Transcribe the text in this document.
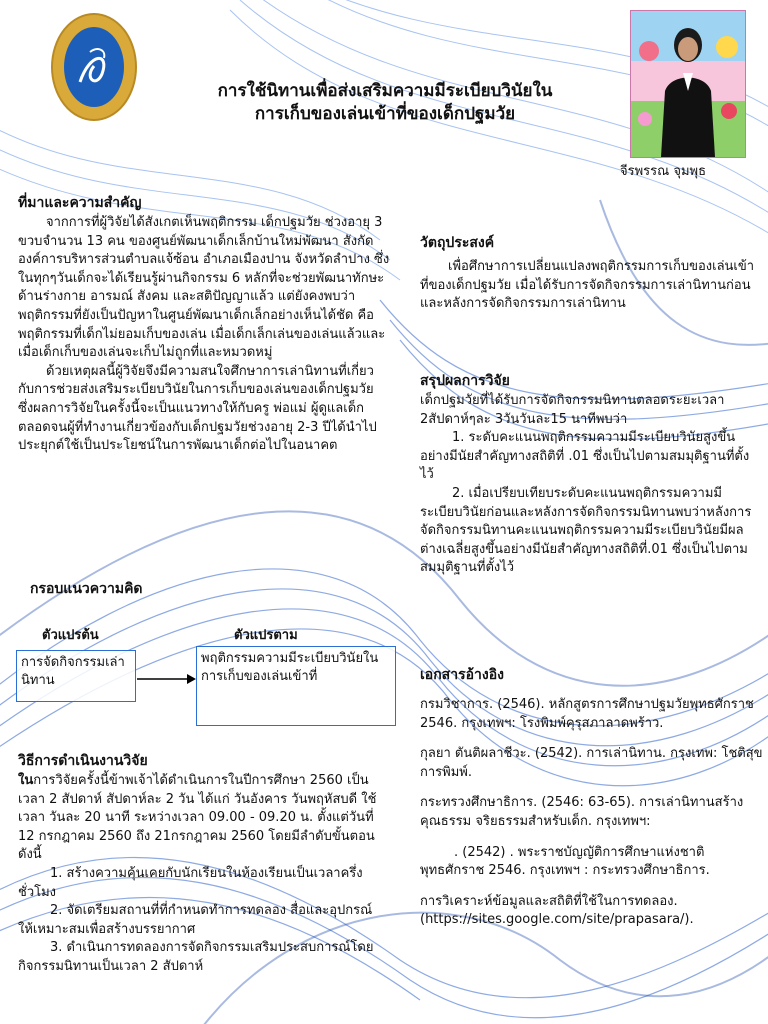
การใช้นิทานเพื่อส่งเสริมความมีระเบียบวินัยใน
การเก็บของเล่นเข้าที่ของเด็กปฐมวัย
จีรพรรณ จุมพุธ
ที่มาและความสำคัญ

จากการที่ผู้วิจัยได้สังเกตเห็นพฤติกรรม เด็กปฐมวัย ช่วงอายุ 3 ขวบจำนวน 13 คน ของศูนย์พัฒนาเด็กเล็กบ้านใหม่พัฒนา สังกัดองค์การบริหารส่วนตำบลแจ้ซ้อน อำเภอเมืองปาน จังหวัดลำปาง ซึ่งในทุกๆวันเด็กจะได้เรียนรู้ผ่านกิจกรรม 6 หลักที่จะช่วยพัฒนาทักษะด้านร่างกาย อารมณ์ สังคม และสติปัญญาแล้ว แต่ยังคงพบว่าพฤติกรรมที่ยังเป็นปัญหาในศูนย์พัฒนาเด็กเล็กอย่างเห็นได้ชัด คือ พฤติกรรมที่เด็กไม่ยอมเก็บของเล่น เมื่อเด็กเล็กเล่นของเล่นแล้วและเมื่อเด็กเก็บของเล่นจะเก็บไม่ถูกที่และหมวดหมู่

ด้วยเหตุผลนี้ผู้วิจัยจึงมีความสนใจศึกษาการเล่านิทานที่เกี่ยวกับการช่วยส่งเสริมระเบียบวินัยในการเก็บของเล่นของเด็กปฐมวัย ซึ่งผลการวิจัยในครั้งนี้จะเป็นแนวทางให้กับครู พ่อแม่ ผู้ดูแลเด็ก ตลอดจนผู้ที่ทำงานเกี่ยวข้องกับเด็กปฐมวัยช่วงอายุ 2-3 ปีได้นำไปประยุกต์ใช้เป็นประโยชน์ในการพัฒนาเด็กต่อไปในอนาคต

วัตถุประสงค์

เพื่อศึกษาการเปลี่ยนแปลงพฤติกรรมการเก็บของเล่นเข้าที่ของเด็กปฐมวัย เมื่อได้รับการจัดกิจกรรมการเล่านิทานก่อนและหลังการจัดกิจกรรมการเล่านิทาน

สรุปผลการวิจัย

เด็กปฐมวัยที่ได้รับการจัดกิจกรรมนิทานตลอดระยะเวลา 2สัปดาห์ๆละ 3วันวันละ15 นาทีพบว่า

1. ระดับคะแนนพฤติกรรมความมีระเบียบวินัยสูงขึ้นอย่างมีนัยสำคัญทางสถิติที่ .01 ซึ่งเป็นไปตามสมมุติฐานที่ตั้งไว้

2. เมื่อเปรียบเทียบระดับคะแนนพฤติกรรมความมีระเบียบวินัยก่อนและหลังการจัดกิจกรรมนิทานพบว่าหลังการจัดกิจกรรมนิทานคะแนนพฤติกรรมความมีระเบียบวินัยมีผลต่างเฉลี่ยสูงขึ้นอย่างมีนัยสำคัญทางสถิติที่.01 ซึ่งเป็นไปตามสมมุติฐานที่ตั้งไว้

กรอบแนวความคิด
ตัวแปรต้น	ตัวแปรตาม
การจัดกิจกรรมเล่านิทาน
พฤติกรรมความมีระเบียบวินัยในการเก็บของเล่นเข้าที่
วิธีการดำเนินงานวิจัย

ในการวิจัยครั้งนี้ข้าพเจ้าได้ดำเนินการในปีการศึกษา 2560 เป็นเวลา 2 สัปดาห์ สัปดาห์ละ 2 วัน ได้แก่ วันอังคาร วันพฤหัสบดี ใช้เวลา วันละ 20 นาที ระหว่างเวลา 09.00 - 09.20 น. ตั้งแต่วันที่ 12 กรกฎาคม 2560 ถึง 21กรกฎาคม 2560 โดยมีลำดับขั้นตอนดังนี้

1. สร้างความคุ้นเคยกับนักเรียนในห้องเรียนเป็นเวลาครึ่งชั่วโมง

2. จัดเตรียมสถานที่ที่กำหนดทำการทดลอง สื่อและอุปกรณ์ ให้เหมาะสมเพื่อสร้างบรรยากาศ

3. ดำเนินการทดลองการจัดกิจกรรมเสริมประสบการณ์โดยกิจกรรมนิทานเป็นเวลา 2 สัปดาห์

เอกสารอ้างอิง

กรมวิชาการ. (2546). หลักสูตรการศึกษาปฐมวัยพุทธศักราช 2546. กรุงเทพฯ: โรงพิมพ์คุรุสภาลาดพร้าว.

กุลยา ตันติผลาชีวะ. (2542). การเล่านิทาน. กรุงเทพ: โชติสุขการพิมพ์.

กระทรวงศึกษาธิการ. (2546: 63-65). การเล่านิทานสร้างคุณธรรม จริยธรรมสำหรับเด็ก. กรุงเทพฯ:

. (2542) . พระราชบัญญัติการศึกษาแห่งชาติ พุทธศักราช 2546. กรุงเทพฯ : กระทรวงศึกษาธิการ.

การวิเคราะห์ข้อมูลและสถิติที่ใช้ในการทดลอง. (https://sites.google.com/site/prapasara/).
